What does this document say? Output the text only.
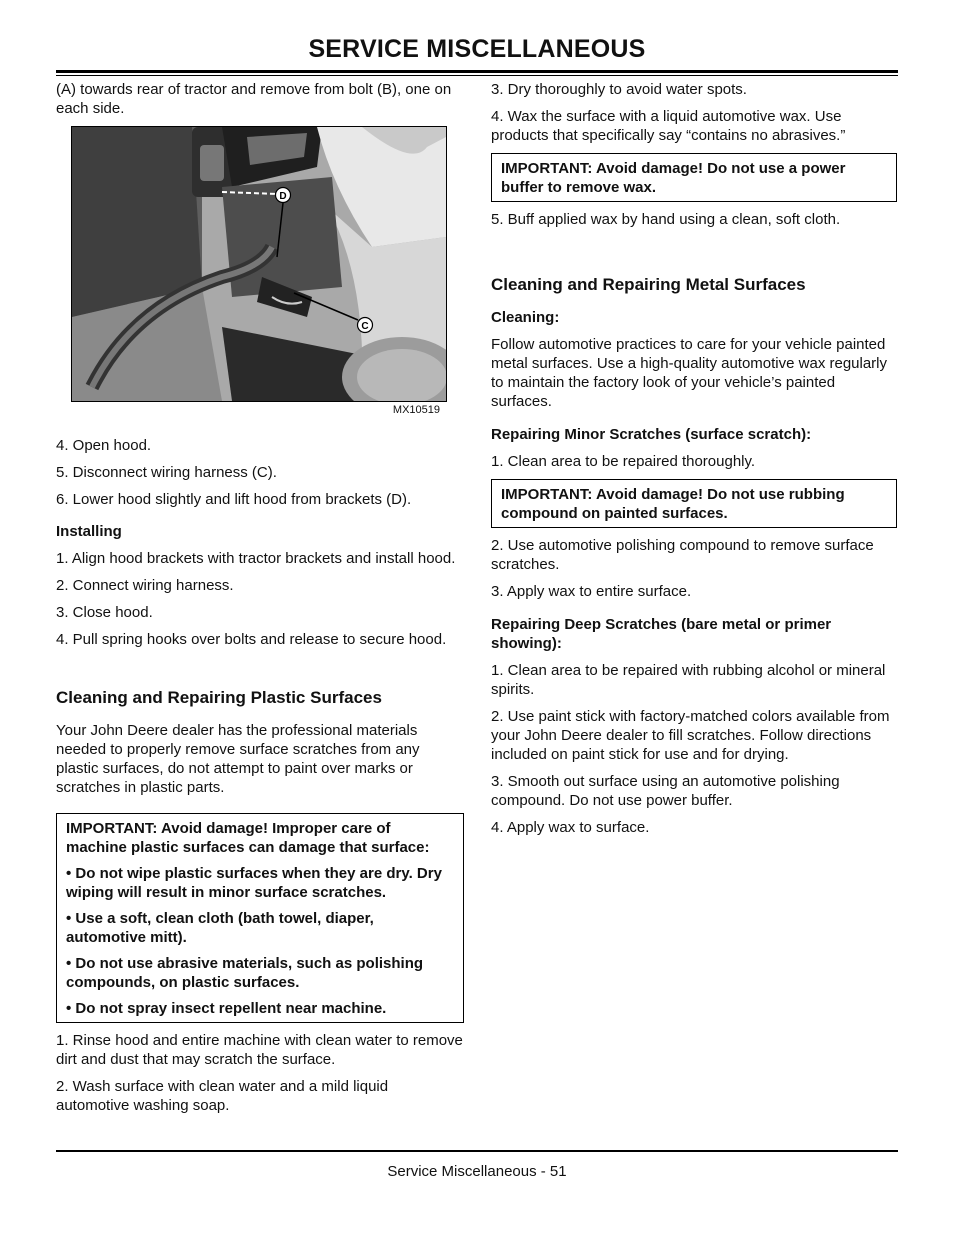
SERVICE MISCELLANEOUS

(A) towards rear of tractor and remove from bolt (B), one on each side.

D
C
MX10519

4. Open hood.

5. Disconnect wiring harness (C).

6. Lower hood slightly and lift hood from brackets (D).

Installing

1. Align hood brackets with tractor brackets and install hood.

2. Connect wiring harness.

3. Close hood.

4. Pull spring hooks over bolts and release to secure hood.

Cleaning and Repairing Plastic Surfaces

Your John Deere dealer has the professional materials needed to properly remove surface scratches from any plastic surfaces, do not attempt to paint over marks or scratches in plastic parts.

IMPORTANT: Avoid damage! Improper care of machine plastic surfaces can damage that surface:

• Do not wipe plastic surfaces when they are dry. Dry wiping will result in minor surface scratches.

• Use a soft, clean cloth (bath towel, diaper, automotive mitt).

• Do not use abrasive materials, such as polishing compounds, on plastic surfaces.

• Do not spray insect repellent near machine.

1. Rinse hood and entire machine with clean water to remove dirt and dust that may scratch the surface.

2. Wash surface with clean water and a mild liquid automotive washing soap.

3. Dry thoroughly to avoid water spots.

4. Wax the surface with a liquid automotive wax. Use products that specifically say “contains no abrasives.”

IMPORTANT: Avoid damage! Do not use a power buffer to remove wax.

5. Buff applied wax by hand using a clean, soft cloth.

Cleaning and Repairing Metal Surfaces
Cleaning:

Follow automotive practices to care for your vehicle painted metal surfaces. Use a high-quality automotive wax regularly to maintain the factory look of your vehicle’s painted surfaces.

Repairing Minor Scratches (surface scratch):

1. Clean area to be repaired thoroughly.

IMPORTANT: Avoid damage! Do not use rubbing compound on painted surfaces.

2. Use automotive polishing compound to remove surface scratches.

3. Apply wax to entire surface.

Repairing Deep Scratches (bare metal or primer showing):

1. Clean area to be repaired with rubbing alcohol or mineral spirits.

2. Use paint stick with factory-matched colors available from your John Deere dealer to fill scratches. Follow directions included on paint stick for use and for drying.

3. Smooth out surface using an automotive polishing compound. Do not use power buffer.

4. Apply wax to surface.

Service Miscellaneous - 51
